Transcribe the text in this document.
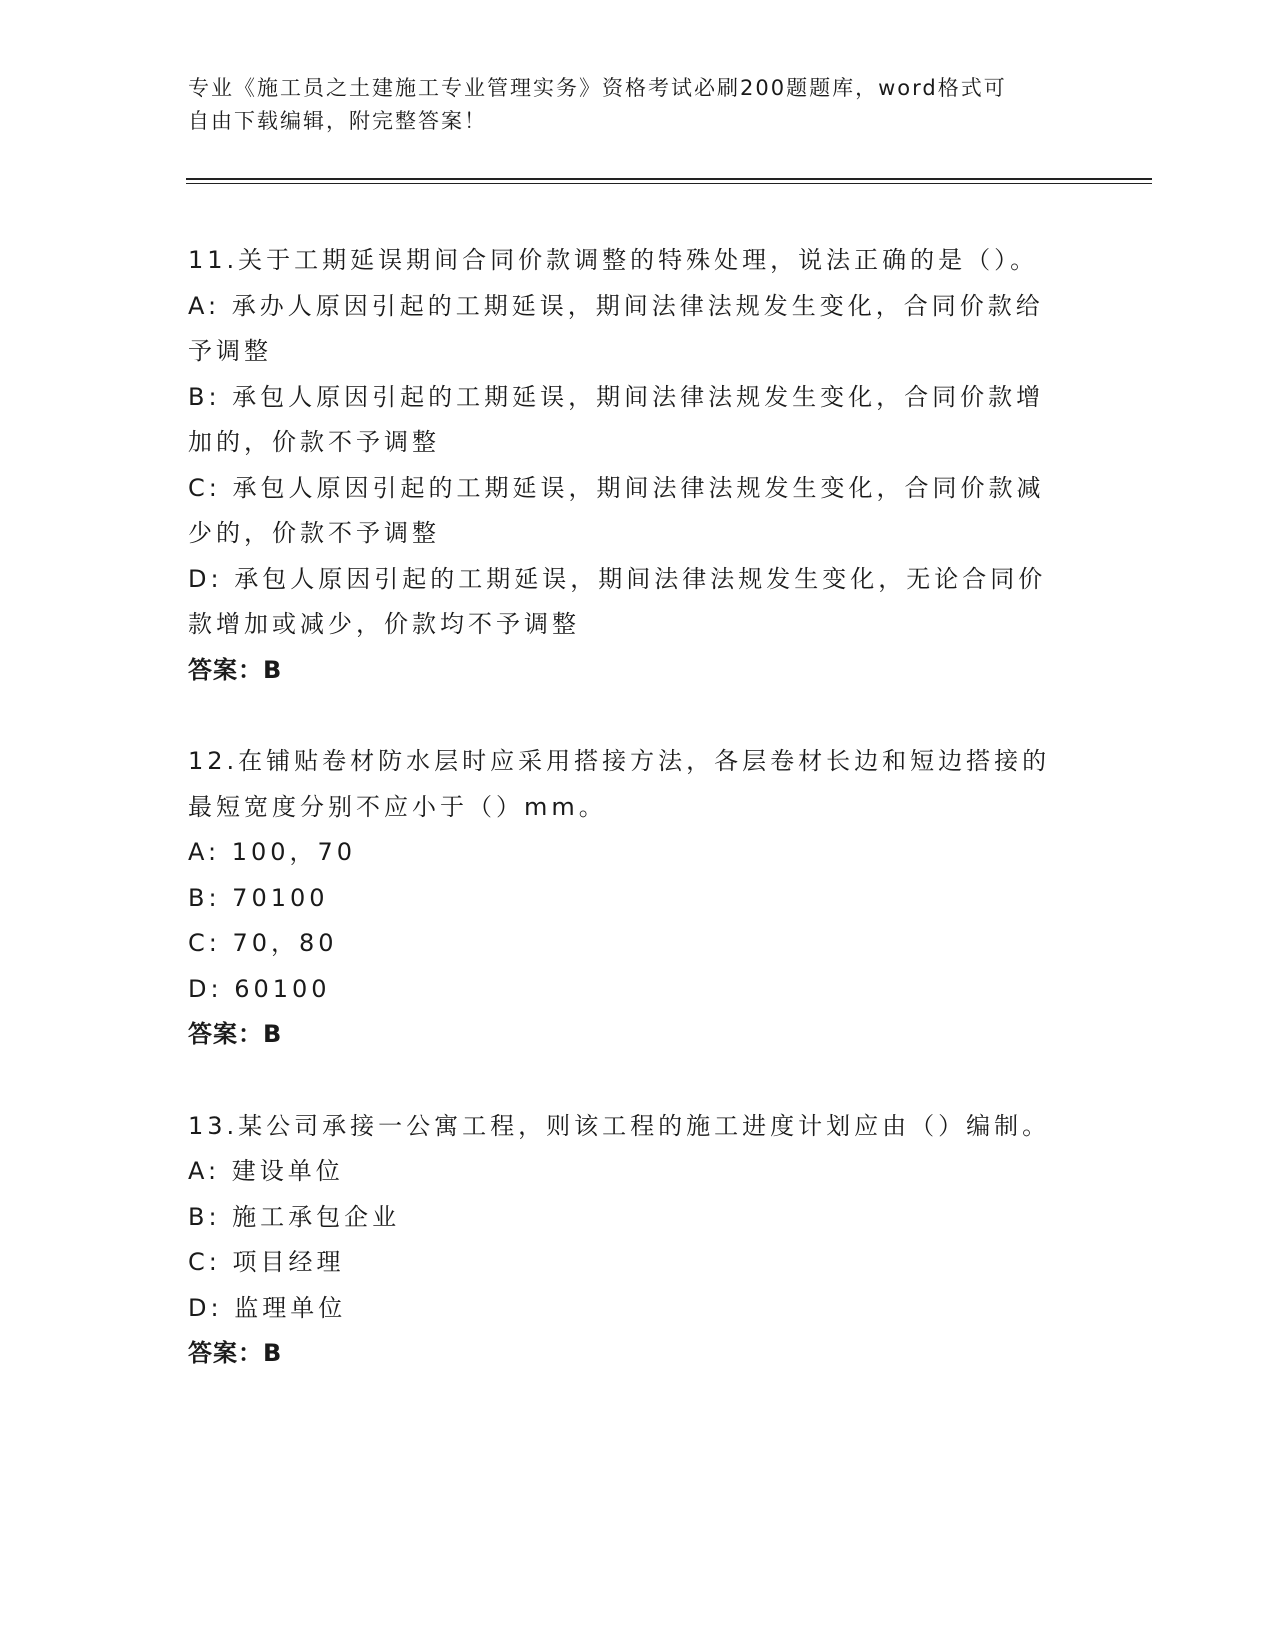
专业《施工员之土建施工专业管理实务》资格考试必刷200题题库，word格式可
自由下载编辑，附完整答案！
11.关于工期延误期间合同价款调整的特殊处理，说法正确的是（）。
A: 承办人原因引起的工期延误，期间法律法规发生变化，合同价款给
予调整
B: 承包人原因引起的工期延误，期间法律法规发生变化，合同价款增
加的，价款不予调整
C: 承包人原因引起的工期延误，期间法律法规发生变化，合同价款减
少的，价款不予调整
D: 承包人原因引起的工期延误，期间法律法规发生变化，无论合同价
款增加或减少，价款均不予调整
答案：B
12.在铺贴卷材防水层时应采用搭接方法，各层卷材长边和短边搭接的
最短宽度分别不应小于（）mm。
A: 100，70
B: 70100
C: 70，80
D: 60100
答案：B
13.某公司承接一公寓工程，则该工程的施工进度计划应由（）编制。
A: 建设单位
B: 施工承包企业
C: 项目经理
D: 监理单位
答案：B
